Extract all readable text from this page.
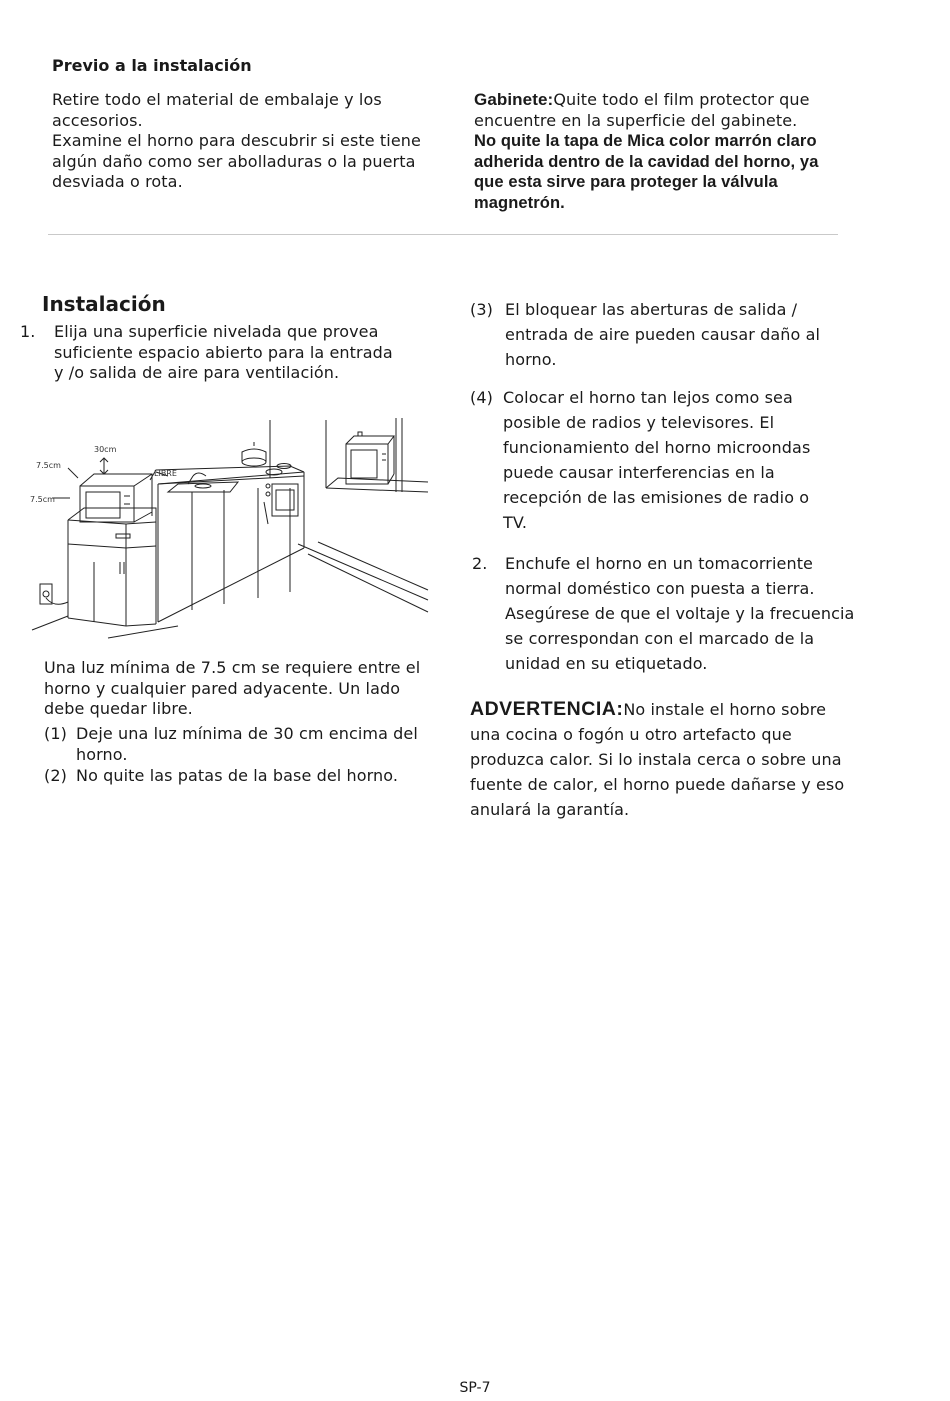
Previo a la instalación
Retire todo el material de embalaje y los
accesorios.
Examine el horno para descubrir si este tiene
algún daño como ser abolladuras o la puerta
desviada o rota.
Gabinete:Quite todo el film protector que
encuentre en la superficie del gabinete.
No quite la tapa de Mica color marrón claro
adherida dentro de la cavidad del horno, ya
que esta sirve para proteger la válvula
magnetrón.
Instalación
1. Elija una superficie nivelada que provea
suficiente espacio abierto para la entrada
y /o salida de aire para ventilación.
30cm
7.5cm
7.5cm
LIBRE
Una luz mínima de 7.5 cm se requiere entre el
horno y cualquier pared adyacente. Un lado
debe quedar libre.
(1) Deje una luz mínima de 30 cm encima del
horno.
(2) No quite las patas de la base del horno.
(3) El bloquear las aberturas de salida /
entrada de aire pueden causar daño al
horno.
(4) Colocar el horno tan lejos como sea
posible de radios y televisores. El
funcionamiento del horno microondas
puede causar interferencias en la
recepción de las emisiones de radio o
TV.
2. Enchufe el horno en un tomacorriente
normal doméstico con puesta a tierra.
Asegúrese de que el voltaje y la frecuencia
se correspondan con el marcado de la
unidad en su etiquetado.
ADVERTENCIA:No instale el horno sobre
una cocina o fogón u otro artefacto que
produzca calor. Si lo instala cerca o sobre una
fuente de calor, el horno puede dañarse y eso
anulará la garantía.
SP-7
